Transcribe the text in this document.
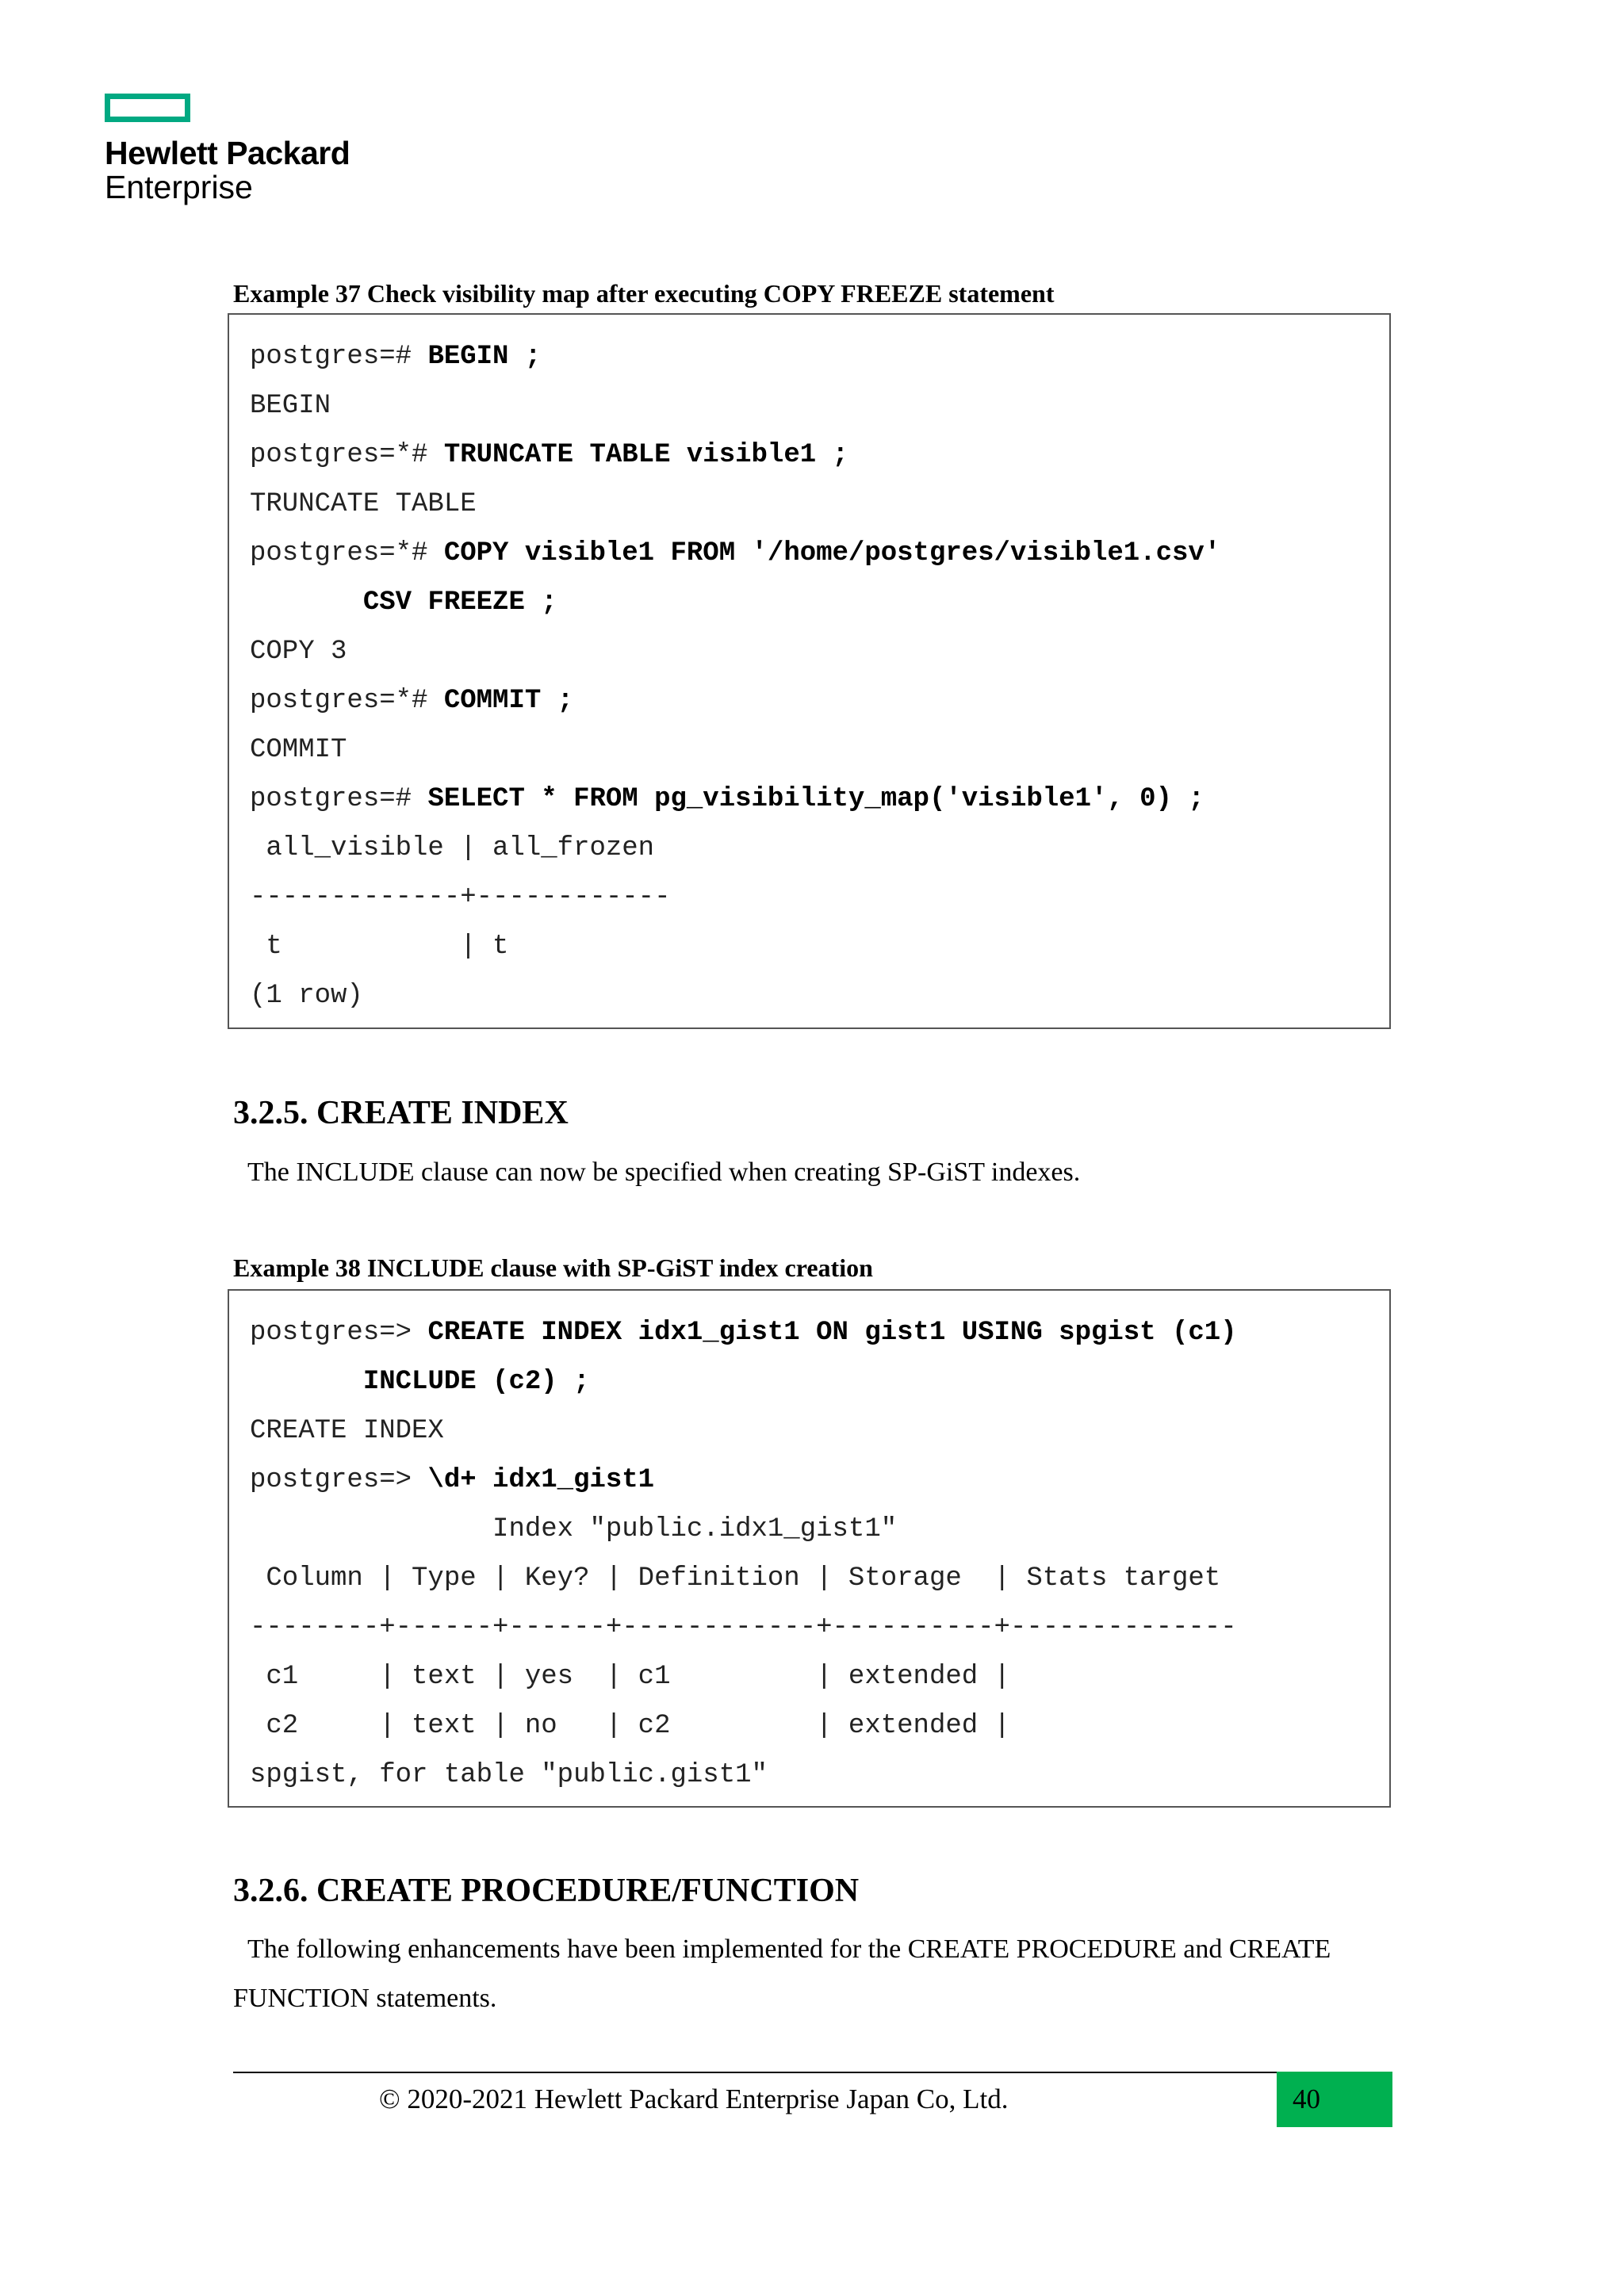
Hewlett Packard
Enterprise
Example 37 Check visibility map after executing COPY FREEZE statement
postgres=# BEGIN ;
BEGIN
postgres=*# TRUNCATE TABLE visible1 ;
TRUNCATE TABLE
postgres=*# COPY visible1 FROM '/home/postgres/visible1.csv'
CSV FREEZE ;
COPY 3
postgres=*# COMMIT ;
COMMIT
postgres=# SELECT * FROM pg_visibility_map('visible1', 0) ;
all_visible | all_frozen
-------------+------------
t           | t
(1 row)
3.2.5. CREATE INDEX
The INCLUDE clause can now be specified when creating SP-GiST indexes.
Example 38 INCLUDE clause with SP-GiST index creation
postgres=> CREATE INDEX idx1_gist1 ON gist1 USING spgist (c1)
INCLUDE (c2) ;
CREATE INDEX
postgres=> \d+ idx1_gist1
Index "public.idx1_gist1"
Column | Type | Key? | Definition | Storage  | Stats target
--------+------+------+------------+----------+--------------
c1     | text | yes  | c1         | extended |
c2     | text | no   | c2         | extended |
spgist, for table "public.gist1"
3.2.6. CREATE PROCEDURE/FUNCTION
The following enhancements have been implemented for the CREATE PROCEDURE and CREATE FUNCTION statements.
© 2020-2021 Hewlett Packard Enterprise Japan Co, Ltd.	40
